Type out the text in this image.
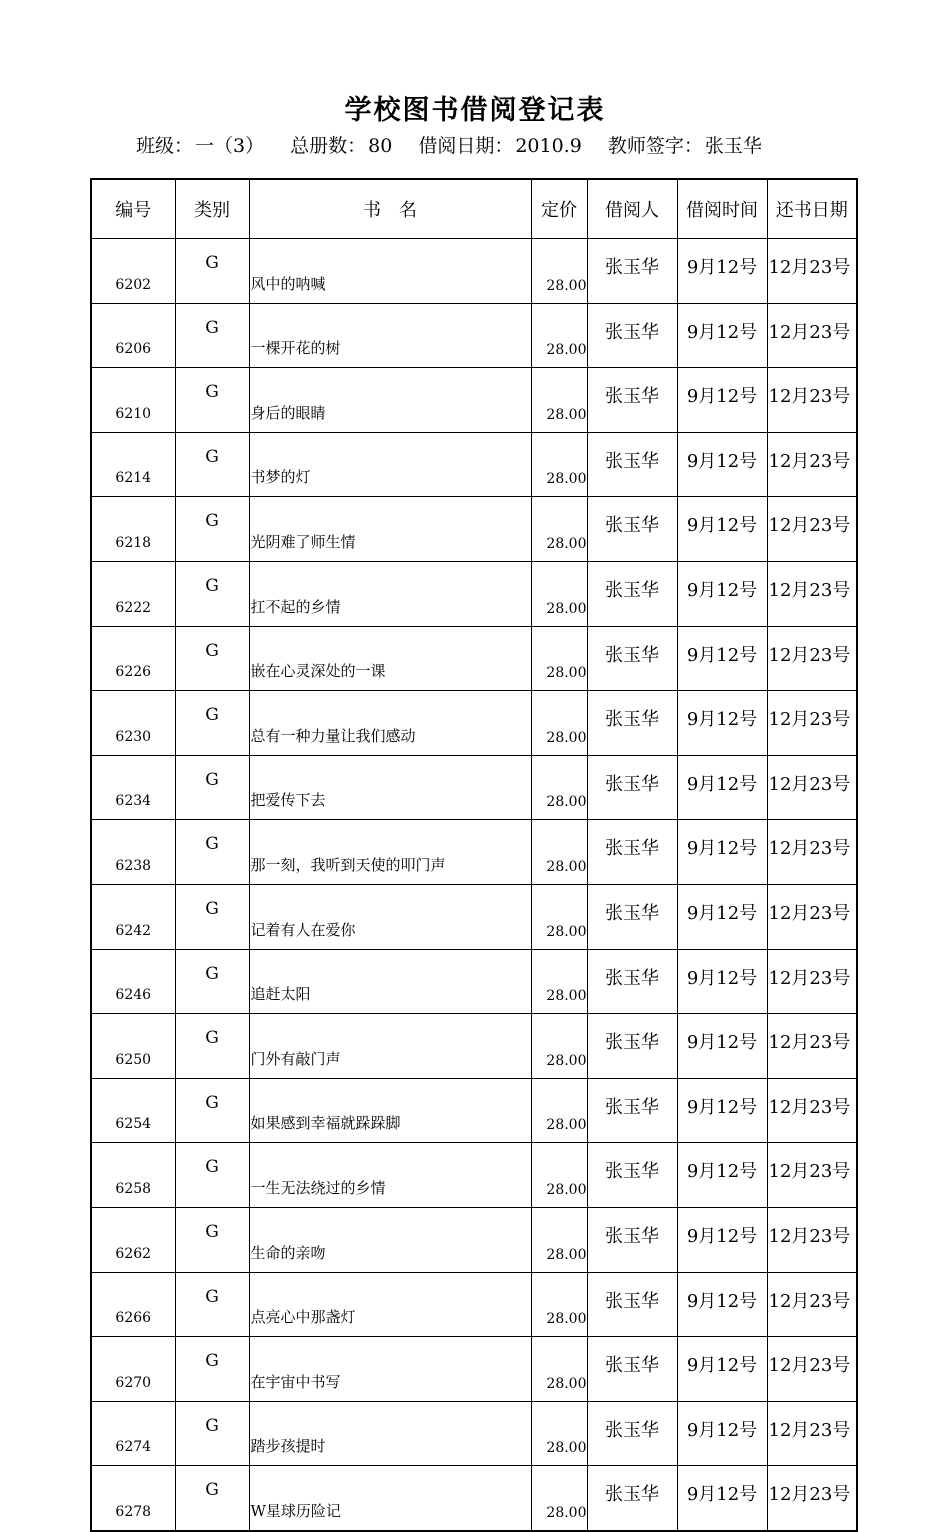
学校图书借阅登记表
班级： 一（3） 总册数： 80 借阅日期： 2010.9 教师签字： 张玉华
编号	类别	书　名	定价	借阅人	借阅时间	还书日期
6202	G	风中的呐喊	28.00	张玉华	9月12号	12月23号
6206	G	一棵开花的树	28.00	张玉华	9月12号	12月23号
6210	G	身后的眼睛	28.00	张玉华	9月12号	12月23号
6214	G	书梦的灯	28.00	张玉华	9月12号	12月23号
6218	G	光阴难了师生情	28.00	张玉华	9月12号	12月23号
6222	G	扛不起的乡情	28.00	张玉华	9月12号	12月23号
6226	G	嵌在心灵深处的一课	28.00	张玉华	9月12号	12月23号
6230	G	总有一种力量让我们感动	28.00	张玉华	9月12号	12月23号
6234	G	把爱传下去	28.00	张玉华	9月12号	12月23号
6238	G	那一刻，我听到天使的叩门声	28.00	张玉华	9月12号	12月23号
6242	G	记着有人在爱你	28.00	张玉华	9月12号	12月23号
6246	G	追赶太阳	28.00	张玉华	9月12号	12月23号
6250	G	门外有敲门声	28.00	张玉华	9月12号	12月23号
6254	G	如果感到幸福就跺跺脚	28.00	张玉华	9月12号	12月23号
6258	G	一生无法绕过的乡情	28.00	张玉华	9月12号	12月23号
6262	G	生命的亲吻	28.00	张玉华	9月12号	12月23号
6266	G	点亮心中那盏灯	28.00	张玉华	9月12号	12月23号
6270	G	在宇宙中书写	28.00	张玉华	9月12号	12月23号
6274	G	踏步孩提时	28.00	张玉华	9月12号	12月23号
6278	G	W星球历险记	28.00	张玉华	9月12号	12月23号
